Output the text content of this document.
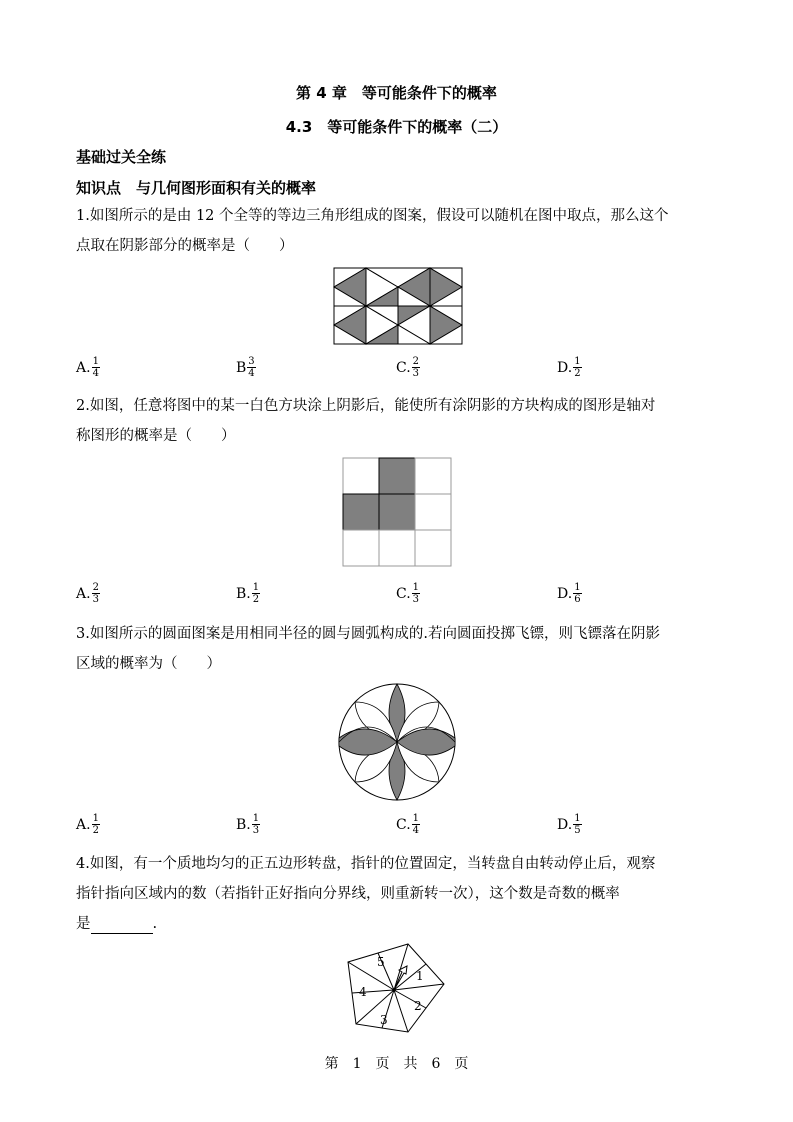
第 4 章　等可能条件下的概率
4.3　等可能条件下的概率（二）
基础过关全练
知识点　与几何图形面积有关的概率
1.如图所示的是由 12 个全等的等边三角形组成的图案，假设可以随机在图中取点，那么这个
点取在阴影部分的概率是（　　）
A. $\frac{1}{4}$	B $\frac{3}{4}$	C. $\frac{2}{3}$	D. $\frac{1}{2}$
2.如图，任意将图中的某一白色方块涂上阴影后，能使所有涂阴影的方块构成的图形是轴对
称图形的概率是（　　）
A. $\frac{2}{3}$	B. $\frac{1}{2}$	C. $\frac{1}{3}$	D. $\frac{1}{6}$
3.如图所示的圆面图案是用相同半径的圆与圆弧构成的.若向圆面投掷飞镖，则飞镖落在阴影
区域的概率为（　　）
A. $\frac{1}{2}$	B. $\frac{1}{3}$	C. $\frac{1}{4}$	D. $\frac{1}{5}$
4.如图，有一个质地均匀的正五边形转盘，指针的位置固定，当转盘自由转动停止后，观察
指针指向区域内的数（若指针正好指向分界线，则重新转一次），这个数是奇数的概率
是	.
5
1
4
2
3
第　1　页　共　6　页
